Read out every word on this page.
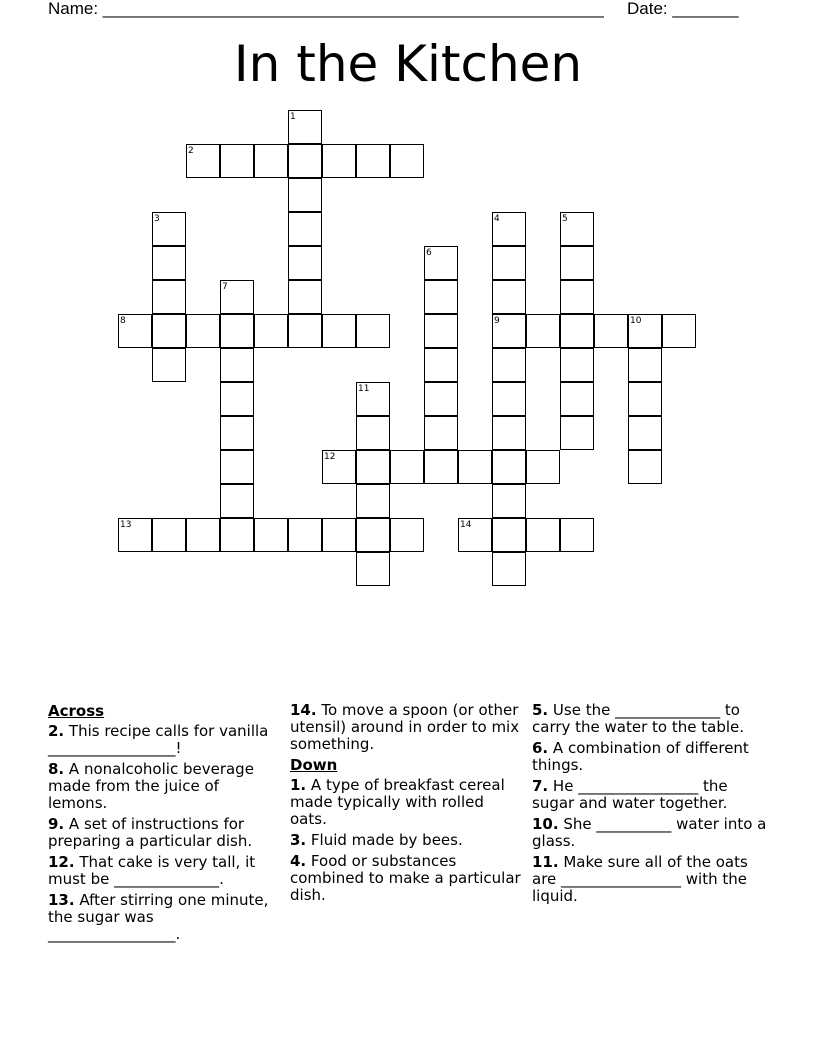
Name: _____________________________________________________ Date: _______
In the Kitchen
1
2
3	4	5
6
7
8	9	10
11
12
13	14
Across
2. This recipe calls for vanilla _________________!
8. A nonalcoholic beverage made from the juice of lemons.
9. A set of instructions for preparing a particular dish.
12. That cake is very tall, it must be ______________.
13. After stirring one minute, the sugar was _________________.
14. To move a spoon (or other utensil) around in order to mix something.
Down
1. A type of breakfast cereal made typically with rolled oats.
3. Fluid made by bees.
4. Food or substances combined to make a particular dish.
5. Use the ______________ to carry the water to the table.
6. A combination of different things.
7. He ________________ the sugar and water together.
10. She __________ water into a glass.
11. Make sure all of the oats are ________________ with the liquid.
